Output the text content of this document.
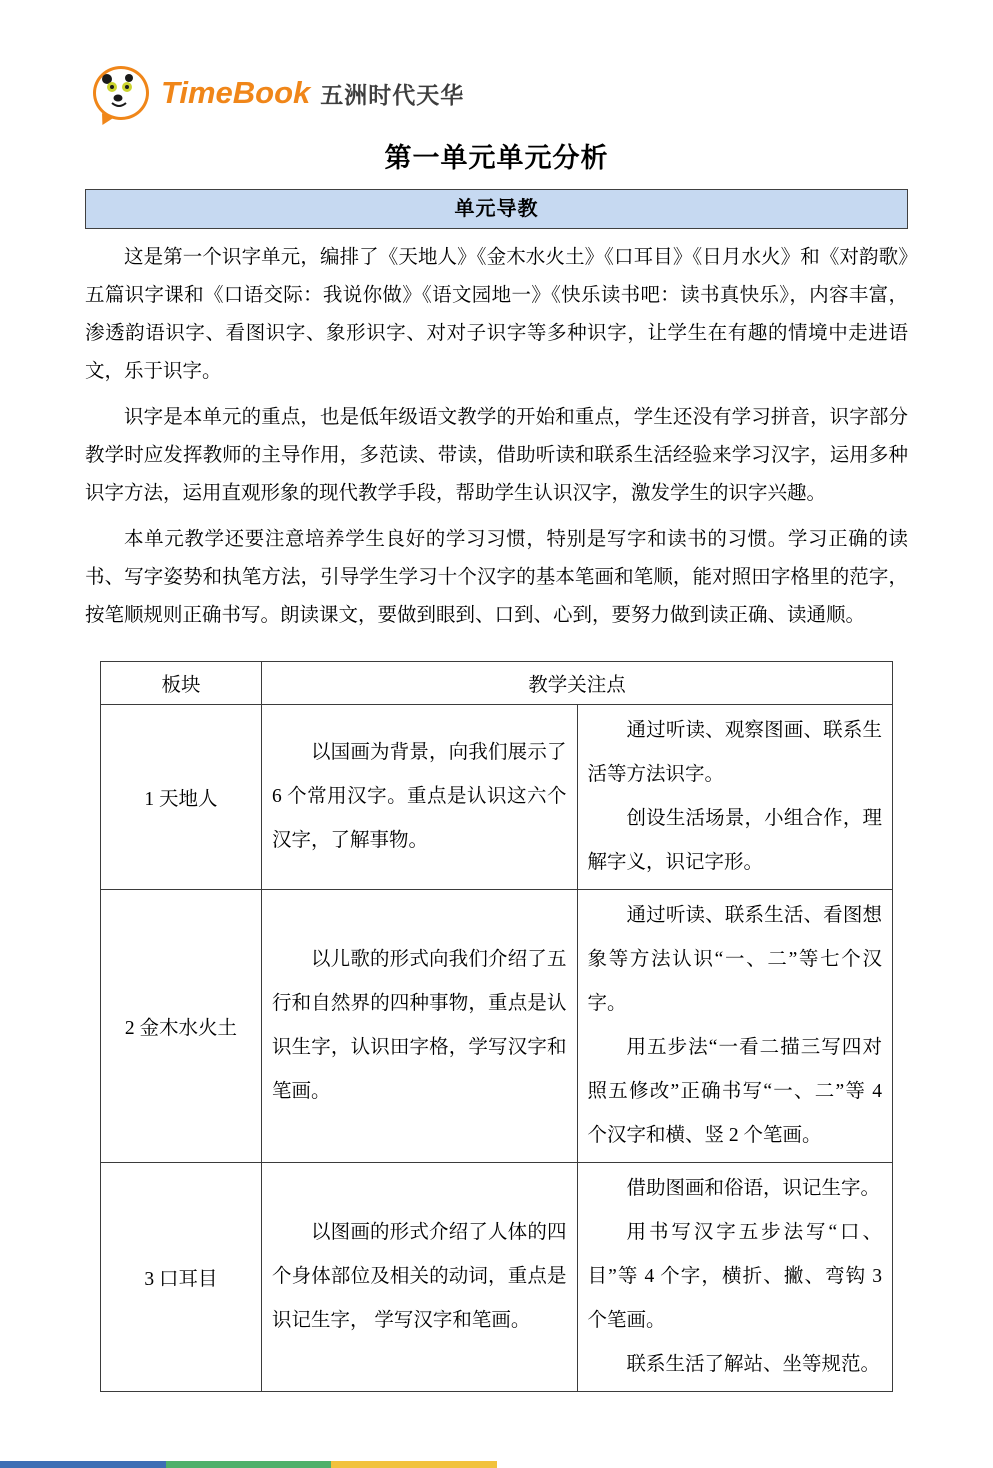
TimeBook 五洲时代天华
第一单元单元分析
单元导教

这是第一个识字单元，编排了《天地人》《金木水火土》《口耳目》《日月水火》和《对韵歌》五篇识字课和《口语交际：我说你做》《语文园地一》《快乐读书吧：读书真快乐》，内容丰富，渗透韵语识字、看图识字、象形识字、对对子识字等多种识字，让学生在有趣的情境中走进语文，乐于识字。

识字是本单元的重点，也是低年级语文教学的开始和重点，学生还没有学习拼音，识字部分教学时应发挥教师的主导作用，多范读、带读，借助听读和联系生活经验来学习汉字，运用多种识字方法，运用直观形象的现代教学手段，帮助学生认识汉字，激发学生的识字兴趣。

本单元教学还要注意培养学生良好的学习习惯，特别是写字和读书的习惯。学习正确的读书、写字姿势和执笔方法，引导学生学习十个汉字的基本笔画和笔顺，能对照田字格里的范字，按笔顺规则正确书写。朗读课文，要做到眼到、口到、心到，要努力做到读正确、读通顺。

板块	教学关注点	
1 天地人	以国画为背景，向我们展示了 6 个常用汉字。重点是认识这六个汉字，了解事物。	通过听读、观察图画、联系生活等方法识字。

创设生活场景，小组合作，理解字义，识记字形。

2 金木水火土	以儿歌的形式向我们介绍了五行和自然界的四种事物，重点是认识生字，认识田字格，学写汉字和笔画。	通过听读、联系生活、看图想象等方法认识“一、二”等七个汉字。

用五步法“一看二描三写四对照五修改”正确书写“一、二”等 4 个汉字和横、竖 2 个笔画。

3 口耳目	以图画的形式介绍了人体的四个身体部位及相关的动词，重点是识记生字， 学写汉字和笔画。	借助图画和俗语，识记生字。

用书写汉字五步法写“口、目”等 4 个字，横折、撇、弯钩 3 个笔画。

联系生活了解站、坐等规范。
